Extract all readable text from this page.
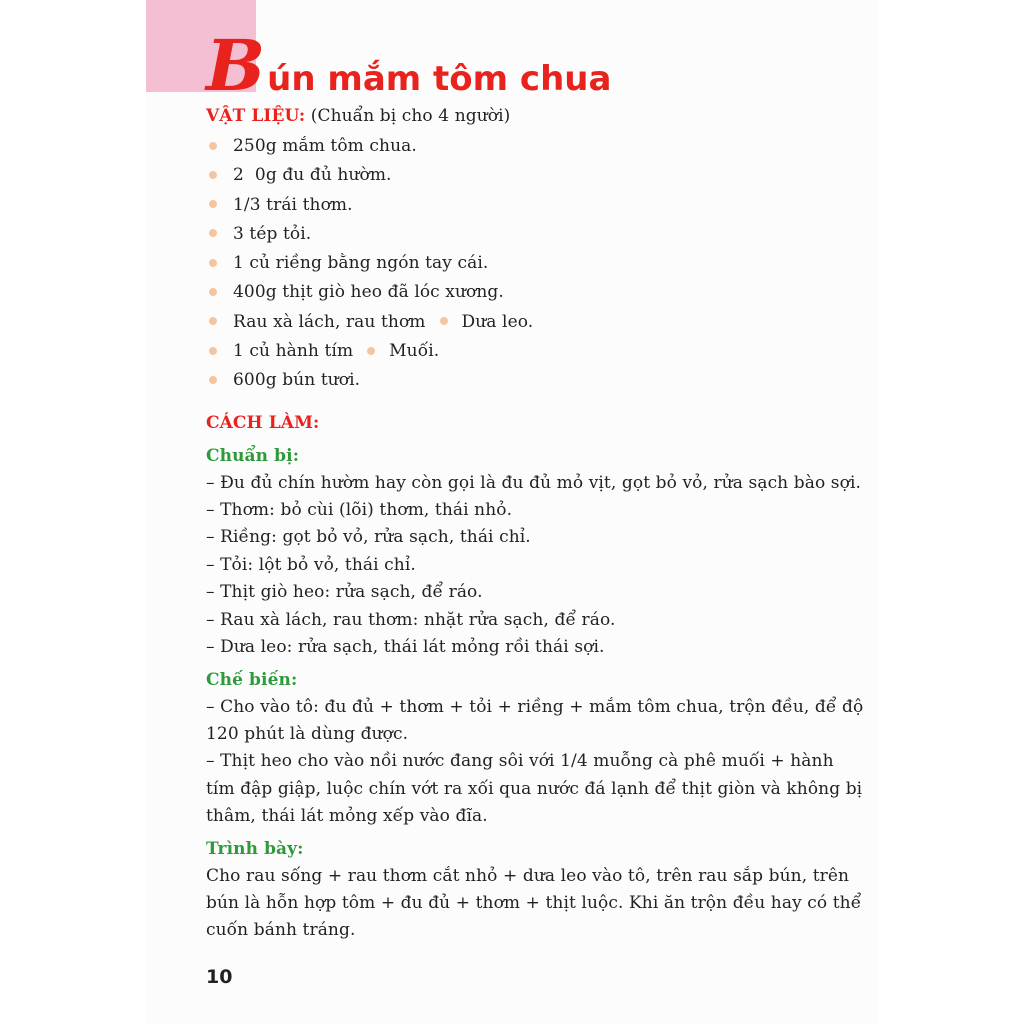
Bún mắm tôm chua
VẬT LIỆU: (Chuẩn bị cho 4 người)
250g mắm tôm chua.
2  0g đu đủ hườm.
1/3 trái thơm.
3 tép tỏi.
1 củ riềng bằng ngón tay cái.
400g thịt giò heo đã lóc xương.
Rau xà lách, rau thơm Dưa leo.
1 củ hành tím Muối.
600g bún tươi.
CÁCH LÀM:
Chuẩn bị:

– Đu đủ chín hườm hay còn gọi là đu đủ mỏ vịt, gọt bỏ vỏ, rửa sạch bào sợi.

– Thơm: bỏ cùi (lõi) thơm, thái nhỏ.

– Riềng: gọt bỏ vỏ, rửa sạch, thái chỉ.

– Tỏi: lột bỏ vỏ, thái chỉ.

– Thịt giò heo: rửa sạch, để ráo.

– Rau xà lách, rau thơm: nhặt rửa sạch, để ráo.

– Dưa leo: rửa sạch, thái lát mỏng rồi thái sợi.

Chế biến:

– Cho vào tô: đu đủ + thơm + tỏi + riềng + mắm tôm chua, trộn đều, để độ 120 phút là dùng được.

– Thịt heo cho vào nồi nước đang sôi với 1/4 muỗng cà phê muối + hành tím đập giập, luộc chín vớt ra xối qua nước đá lạnh để thịt giòn và không bị thâm, thái lát mỏng xếp vào đĩa.

Trình bày:

Cho rau sống + rau thơm cắt nhỏ + dưa leo vào tô, trên rau sắp bún, trên bún là hỗn hợp tôm + đu đủ + thơm + thịt luộc. Khi ăn trộn đều hay có thể cuốn bánh tráng.

10
